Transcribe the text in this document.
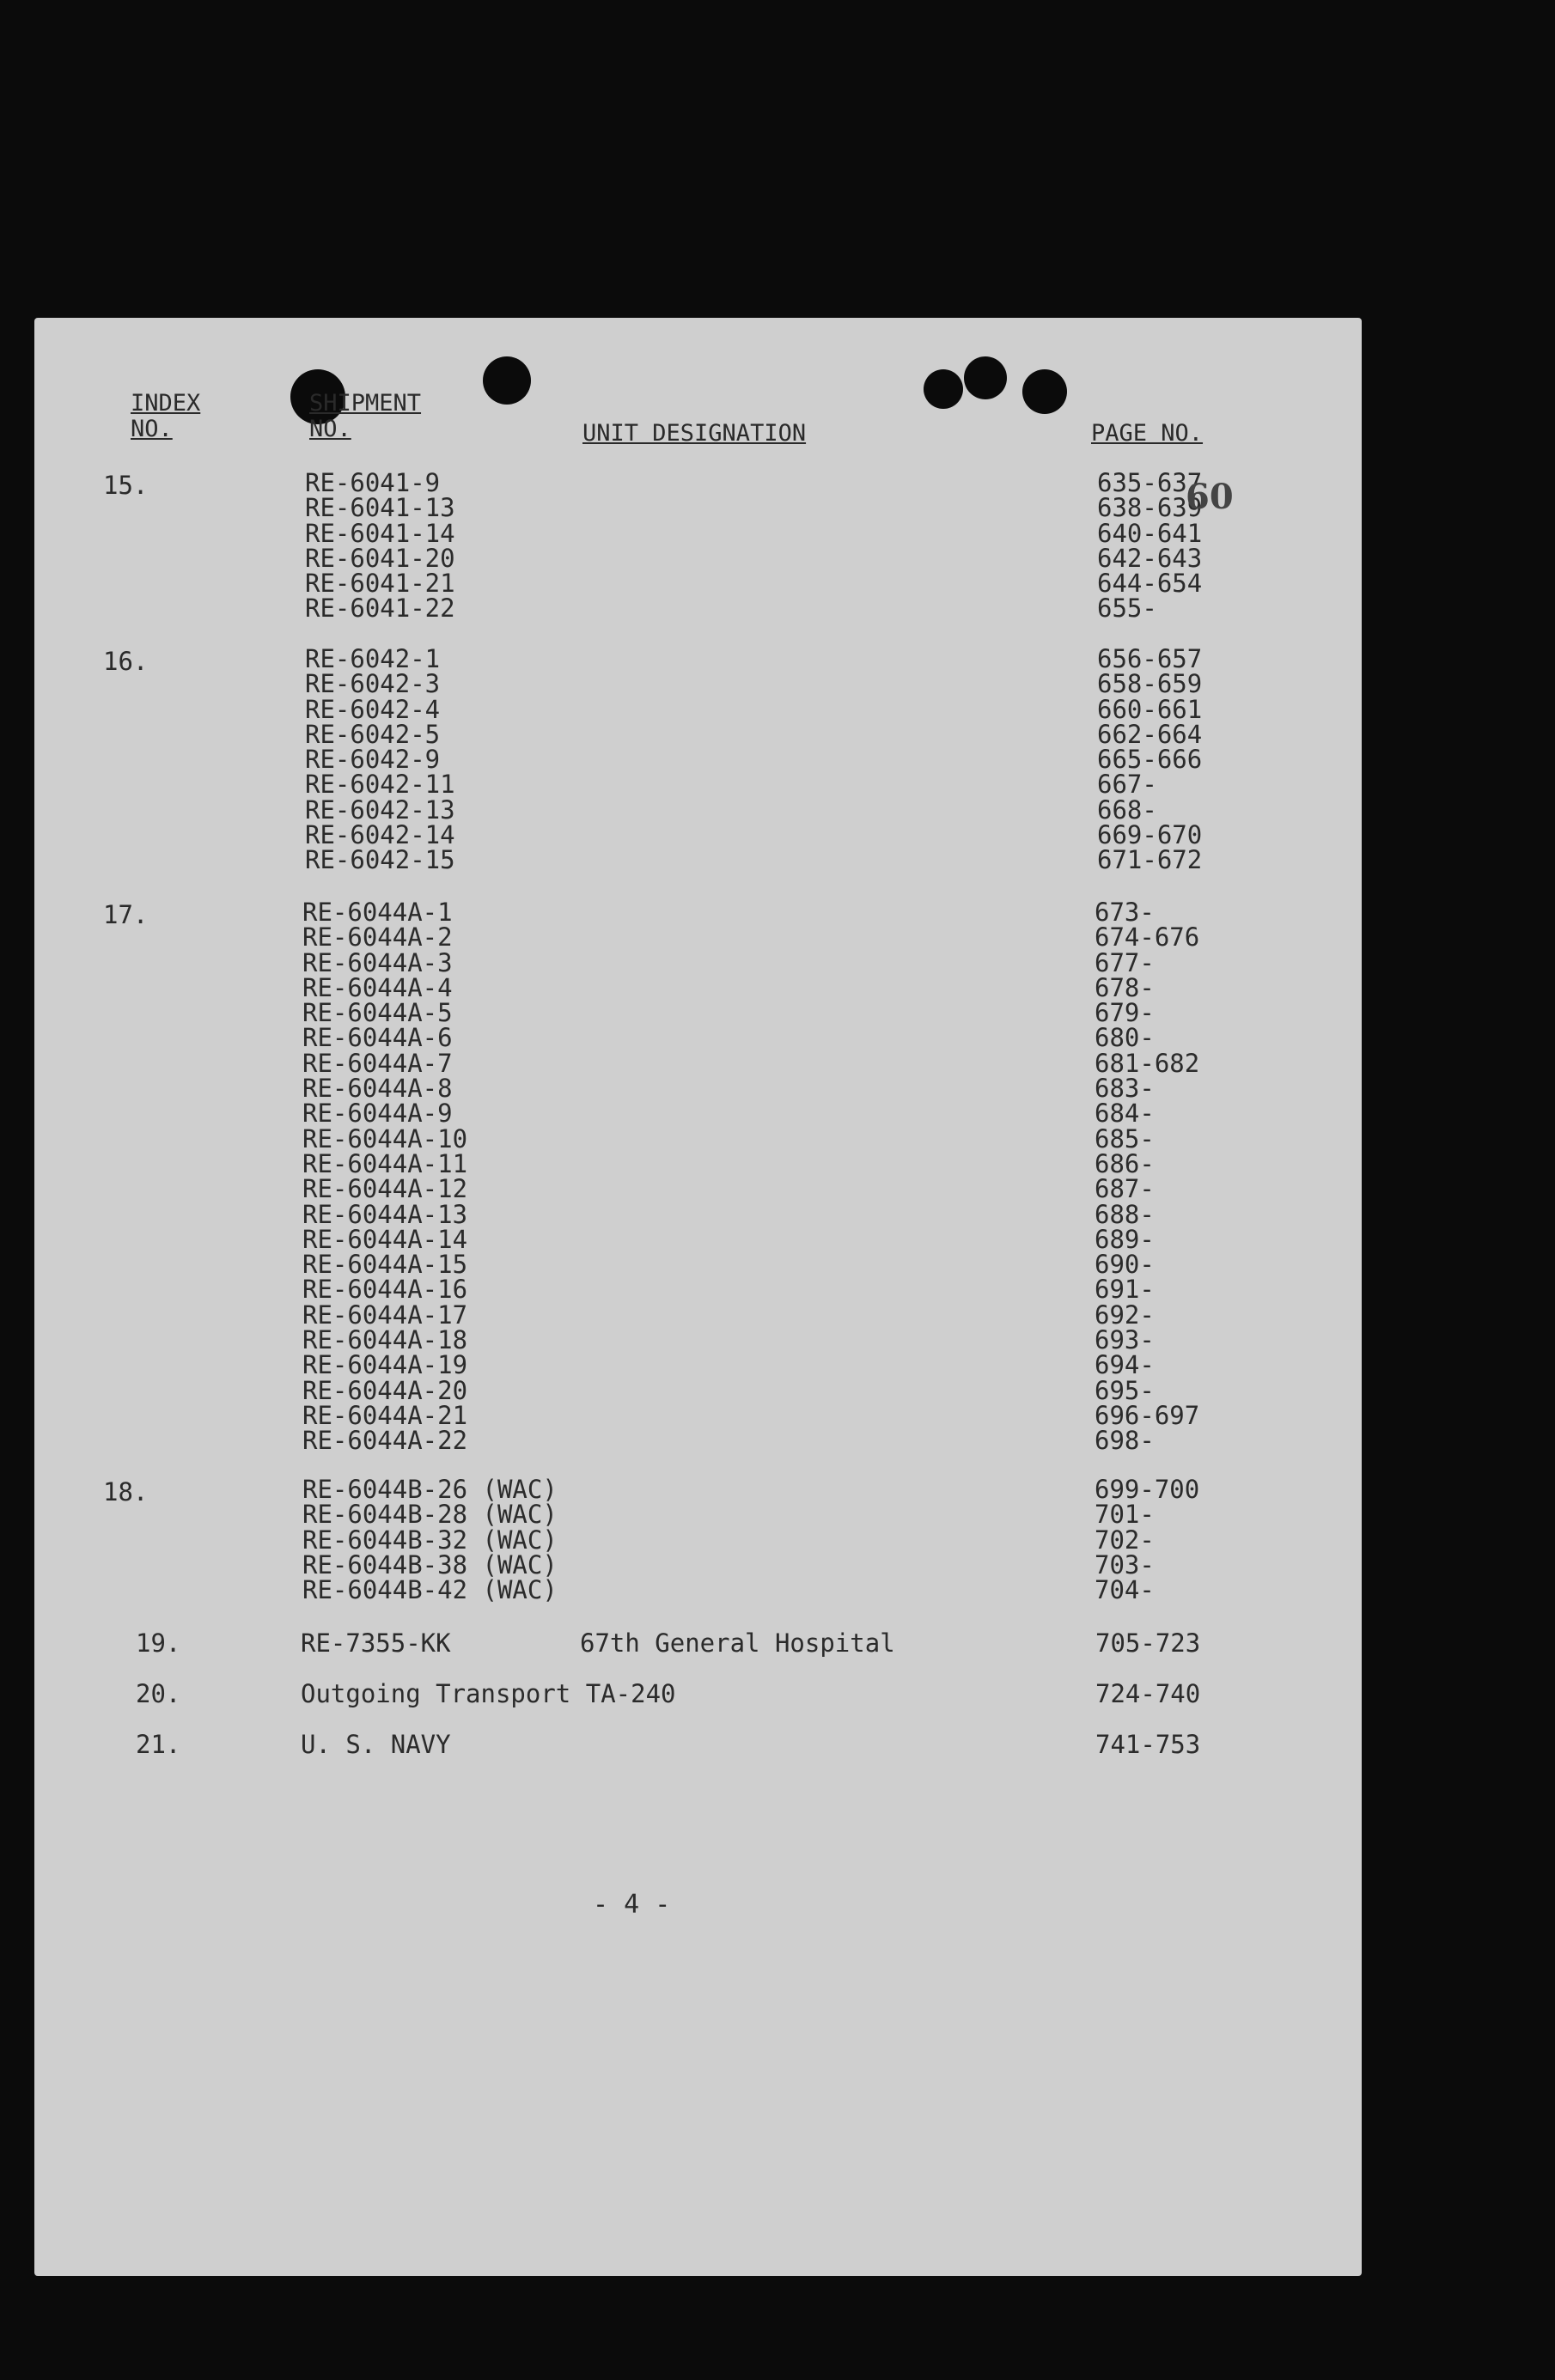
INDEX
NO.
SHIPMENT
NO.	UNIT DESIGNATION	PAGE NO.
15.	RE-6041-9	635-637
RE-6041-13	638-639
RE-6041-14	640-641
RE-6041-20	642-643
RE-6041-21	644-654
RE-6041-22	655-
16.	RE-6042-1	656-657
RE-6042-3	658-659
RE-6042-4	660-661
RE-6042-5	662-664
RE-6042-9	665-666
RE-6042-11	667-
RE-6042-13	668-
RE-6042-14	669-670
RE-6042-15	671-672
17.	RE-6044A-1	673-
RE-6044A-2	674-676
RE-6044A-3	677-
RE-6044A-4	678-
RE-6044A-5	679-
RE-6044A-6	680-
RE-6044A-7	681-682
RE-6044A-8	683-
RE-6044A-9	684-
RE-6044A-10	685-
RE-6044A-11	686-
RE-6044A-12	687-
RE-6044A-13	688-
RE-6044A-14	689-
RE-6044A-15	690-
RE-6044A-16	691-
RE-6044A-17	692-
RE-6044A-18	693-
RE-6044A-19	694-
RE-6044A-20	695-
RE-6044A-21	696-697
RE-6044A-22	698-
18.	RE-6044B-26 (WAC)	699-700
RE-6044B-28 (WAC)	701-
RE-6044B-32 (WAC)	702-
RE-6044B-38 (WAC)	703-
RE-6044B-42 (WAC)	704-
19.	RE-7355-KK	67th General Hospital	705-723
20.	Outgoing Transport TA-240	724-740
21.	U. S. NAVY	741-753
60
- 4 -
